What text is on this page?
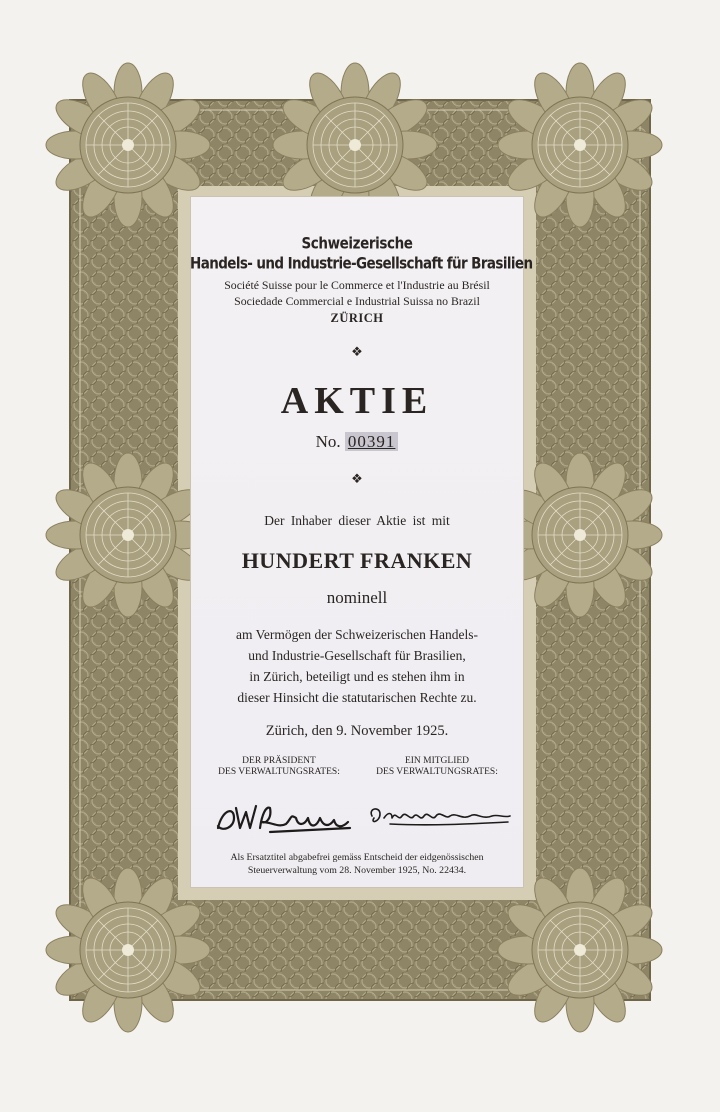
Schweizerische
Handels- und Industrie-Gesellschaft für Brasilien
Société Suisse pour le Commerce et l'Industrie au Brésil
Sociedade Commercial e Industrial Suissa no Brazil
ZÜRICH
❖
AKTIE
No. 00391
❖
Der Inhaber dieser Aktie ist mit
HUNDERT FRANKEN
nominell
am Vermögen der Schweizerischen Handels-
und Industrie-Gesellschaft für Brasilien,
in Zürich, beteiligt und es stehen ihm in
dieser Hinsicht die statutarischen Rechte zu.
Zürich, den 9. November 1925.
DER PRÄSIDENT
DES VERWALTUNGSRATES:
EIN MITGLIED
DES VERWALTUNGSRATES:
Als Ersatztitel abgabefrei gemäss Entscheid der eidgenössischen
Steuerverwaltung vom 28. November 1925, No. 22434.
